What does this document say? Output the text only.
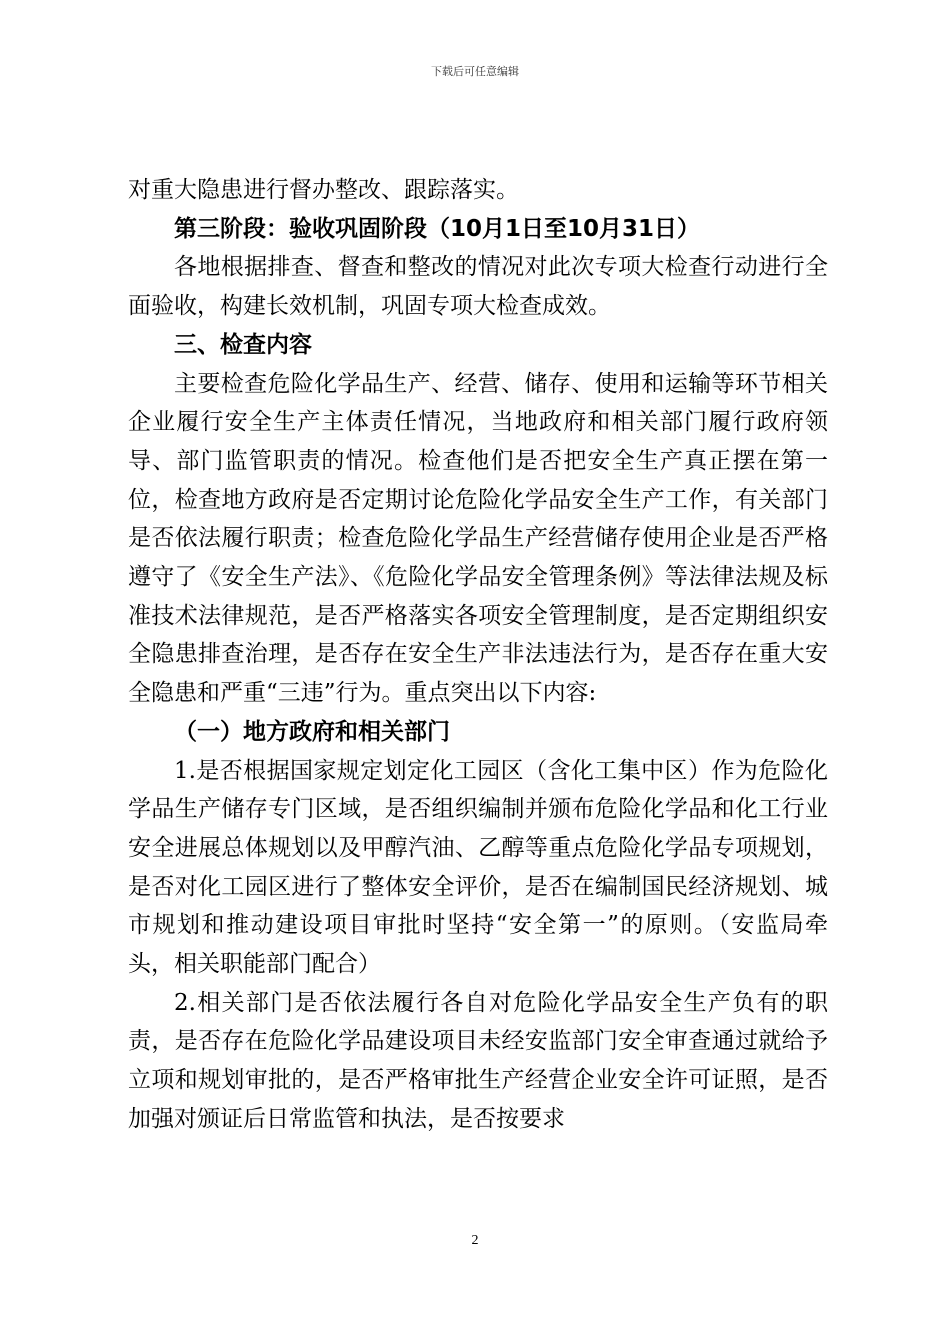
下载后可任意编辑

对重大隐患进行督办整改、跟踪落实。

第三阶段：验收巩固阶段（10月1日至10月31日）

各地根据排查、督查和整改的情况对此次专项大检查行动进行全面验收，构建长效机制，巩固专项大检查成效。

三、检查内容

主要检查危险化学品生产、经营、储存、使用和运输等环节相关企业履行安全生产主体责任情况，当地政府和相关部门履行政府领导、部门监管职责的情况。检查他们是否把安全生产真正摆在第一位，检查地方政府是否定期讨论危险化学品安全生产工作，有关部门是否依法履行职责；检查危险化学品生产经营储存使用企业是否严格遵守了《安全生产法》、《危险化学品安全管理条例》等法律法规及标准技术法律规范，是否严格落实各项安全管理制度，是否定期组织安全隐患排查治理，是否存在安全生产非法违法行为，是否存在重大安全隐患和严重“三违”行为。重点突出以下内容:

（一）地方政府和相关部门

1.是否根据国家规定划定化工园区（含化工集中区）作为危险化学品生产储存专门区域，是否组织编制并颁布危险化学品和化工行业安全进展总体规划以及甲醇汽油、乙醇等重点危险化学品专项规划，是否对化工园区进行了整体安全评价，是否在编制国民经济规划、城市规划和推动建设项目审批时坚持“安全第一”的原则。（安监局牵头，相关职能部门配合）

2.相关部门是否依法履行各自对危险化学品安全生产负有的职责，是否存在危险化学品建设项目未经安监部门安全审查通过就给予立项和规划审批的，是否严格审批生产经营企业安全许可证照，是否加强对颁证后日常监管和执法，是否按要求

2
